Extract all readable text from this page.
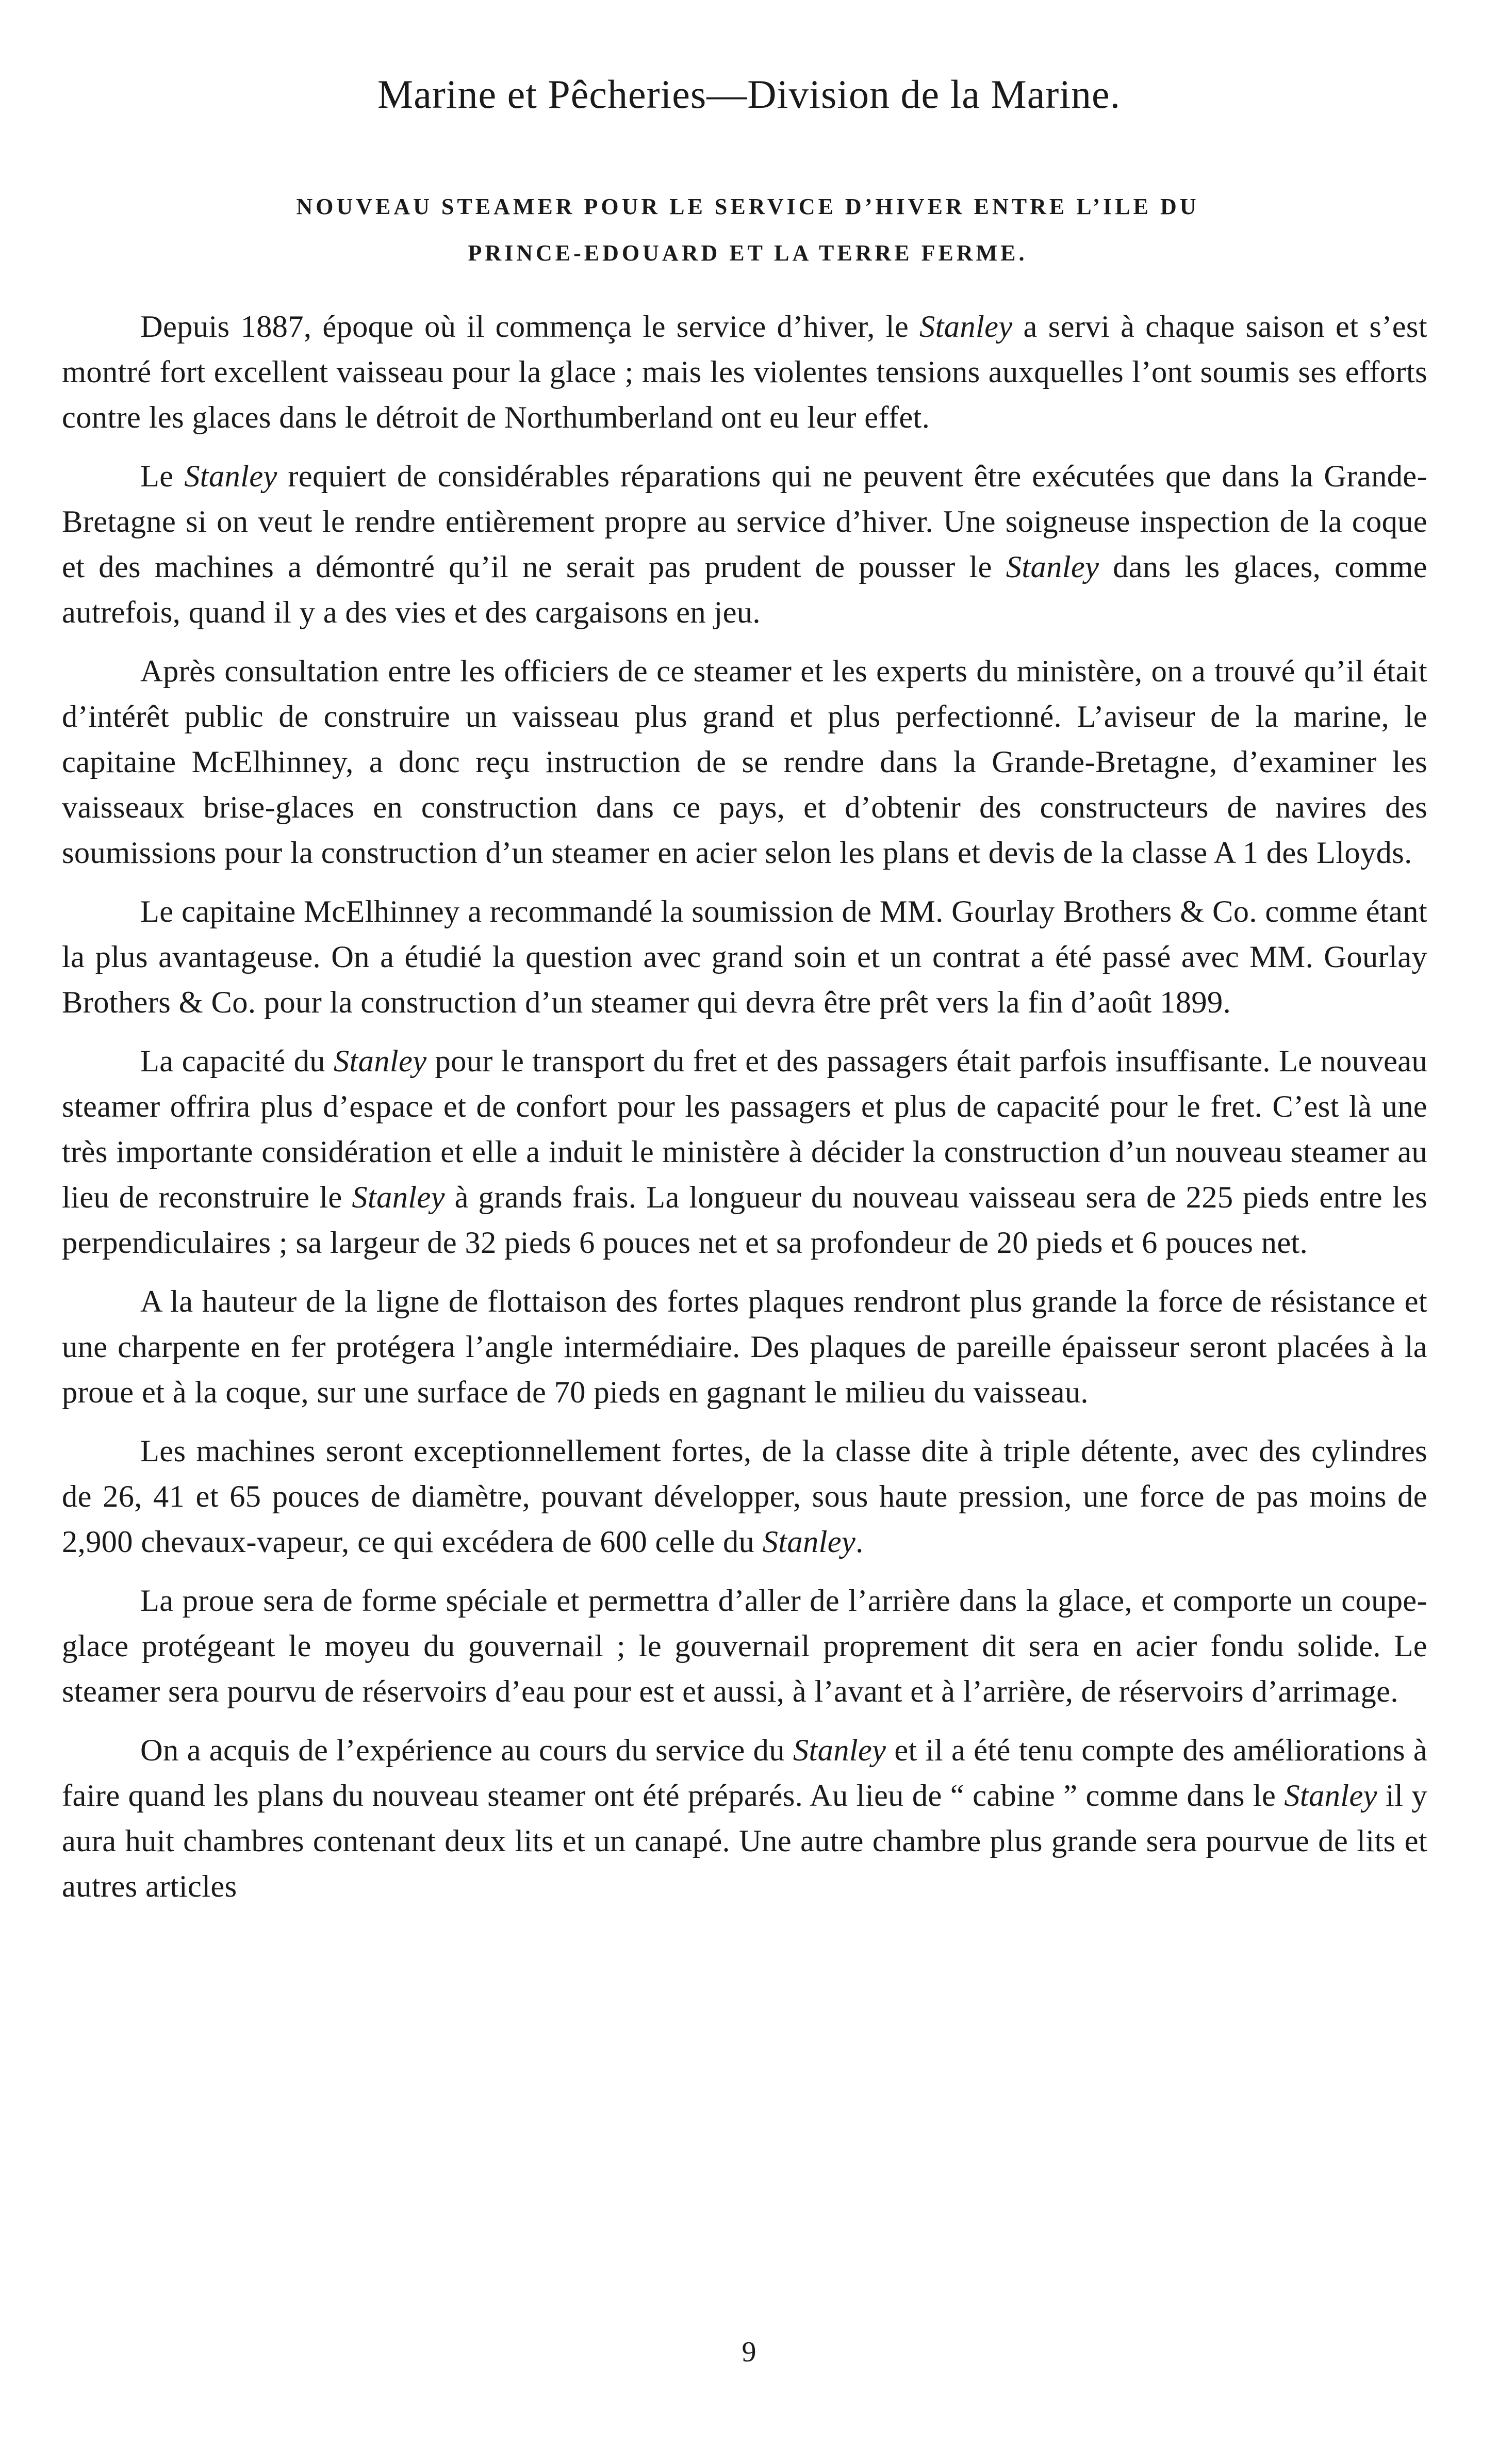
Marine et Pêcheries—Division de la Marine.
NOUVEAU STEAMER POUR LE SERVICE D’HIVER ENTRE L’ILE DU
PRINCE-EDOUARD ET LA TERRE FERME.

Depuis 1887, époque où il commença le service d’hiver, le Stanley a servi à chaque saison et s’est montré fort excellent vaisseau pour la glace ; mais les violentes tensions auxquelles l’ont soumis ses efforts contre les glaces dans le détroit de Northumberland ont eu leur effet.

Le Stanley requiert de considérables réparations qui ne peuvent être exécutées que dans la Grande-Bretagne si on veut le rendre entièrement propre au service d’hiver. Une soigneuse inspection de la coque et des machines a démontré qu’il ne serait pas prudent de pousser le Stanley dans les glaces, comme autrefois, quand il y a des vies et des cargaisons en jeu.

Après consultation entre les officiers de ce steamer et les experts du ministère, on a trouvé qu’il était d’intérêt public de construire un vaisseau plus grand et plus perfectionné. L’aviseur de la marine, le capitaine McElhinney, a donc reçu instruction de se rendre dans la Grande-Bretagne, d’examiner les vaisseaux brise-glaces en construction dans ce pays, et d’obtenir des constructeurs de navires des soumissions pour la construction d’un steamer en acier selon les plans et devis de la classe A 1 des Lloyds.

Le capitaine McElhinney a recommandé la soumission de MM. Gourlay Brothers & Co. comme étant la plus avantageuse. On a étudié la question avec grand soin et un contrat a été passé avec MM. Gourlay Brothers & Co. pour la construction d’un steamer qui devra être prêt vers la fin d’août 1899.

La capacité du Stanley pour le transport du fret et des passagers était parfois insuffisante. Le nouveau steamer offrira plus d’espace et de confort pour les passagers et plus de capacité pour le fret. C’est là une très importante considération et elle a induit le ministère à décider la construction d’un nouveau steamer au lieu de reconstruire le Stanley à grands frais. La longueur du nouveau vaisseau sera de 225 pieds entre les perpendiculaires ; sa largeur de 32 pieds 6 pouces net et sa profondeur de 20 pieds et 6 pouces net.

A la hauteur de la ligne de flottaison des fortes plaques rendront plus grande la force de résistance et une charpente en fer protégera l’angle intermédiaire. Des plaques de pareille épaisseur seront placées à la proue et à la coque, sur une surface de 70 pieds en gagnant le milieu du vaisseau.

Les machines seront exceptionnellement fortes, de la classe dite à triple détente, avec des cylindres de 26, 41 et 65 pouces de diamètre, pouvant développer, sous haute pression, une force de pas moins de 2,900 chevaux-vapeur, ce qui excédera de 600 celle du Stanley.

La proue sera de forme spéciale et permettra d’aller de l’arrière dans la glace, et comporte un coupe-glace protégeant le moyeu du gouvernail ; le gouvernail proprement dit sera en acier fondu solide. Le steamer sera pourvu de réservoirs d’eau pour est et aussi, à l’avant et à l’arrière, de réservoirs d’arrimage.

On a acquis de l’expérience au cours du service du Stanley et il a été tenu compte des améliorations à faire quand les plans du nouveau steamer ont été préparés. Au lieu de “ cabine ” comme dans le Stanley il y aura huit chambres contenant deux lits et un canapé. Une autre chambre plus grande sera pourvue de lits et autres articles

9
